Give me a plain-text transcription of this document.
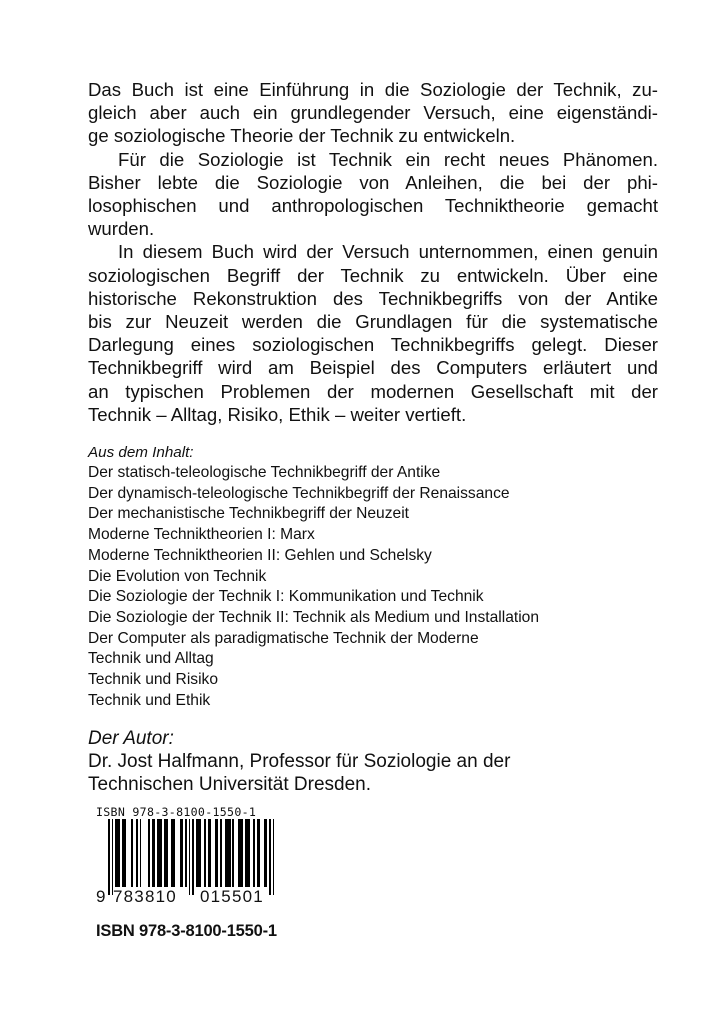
Das Buch ist eine Einführung in die Soziologie der Technik, zu-
gleich aber auch ein grundlegender Versuch, eine eigenständi-
ge soziologische Theorie der Technik zu entwickeln.
Für die Soziologie ist Technik ein recht neues Phänomen.
Bisher lebte die Soziologie von Anleihen, die bei der phi-
losophischen und anthropologischen Techniktheorie gemacht
wurden.
In diesem Buch wird der Versuch unternommen, einen genuin
soziologischen Begriff der Technik zu entwickeln. Über eine
historische Rekonstruktion des Technikbegriffs von der Antike
bis zur Neuzeit werden die Grundlagen für die systematische
Darlegung eines soziologischen Technikbegriffs gelegt. Dieser
Technikbegriff wird am Beispiel des Computers erläutert und
an typischen Problemen der modernen Gesellschaft mit der
Technik – Alltag, Risiko, Ethik – weiter vertieft.
Aus dem Inhalt:
Der statisch-teleologische Technikbegriff der Antike
Der dynamisch-teleologische Technikbegriff der Renaissance
Der mechanistische Technikbegriff der Neuzeit
Moderne Techniktheorien I: Marx
Moderne Techniktheorien II: Gehlen und Schelsky
Die Evolution von Technik
Die Soziologie der Technik I: Kommunikation und Technik
Die Soziologie der Technik II: Technik als Medium und Installation
Der Computer als paradigmatische Technik der Moderne
Technik und Alltag
Technik und Risiko
Technik und Ethik
Der Autor:
Dr. Jost Halfmann, Professor für Soziologie an der
Technischen Universität Dresden.
ISBN 978-3-8100-1550-1
9 783810 015501
ISBN 978-3-8100-1550-1
